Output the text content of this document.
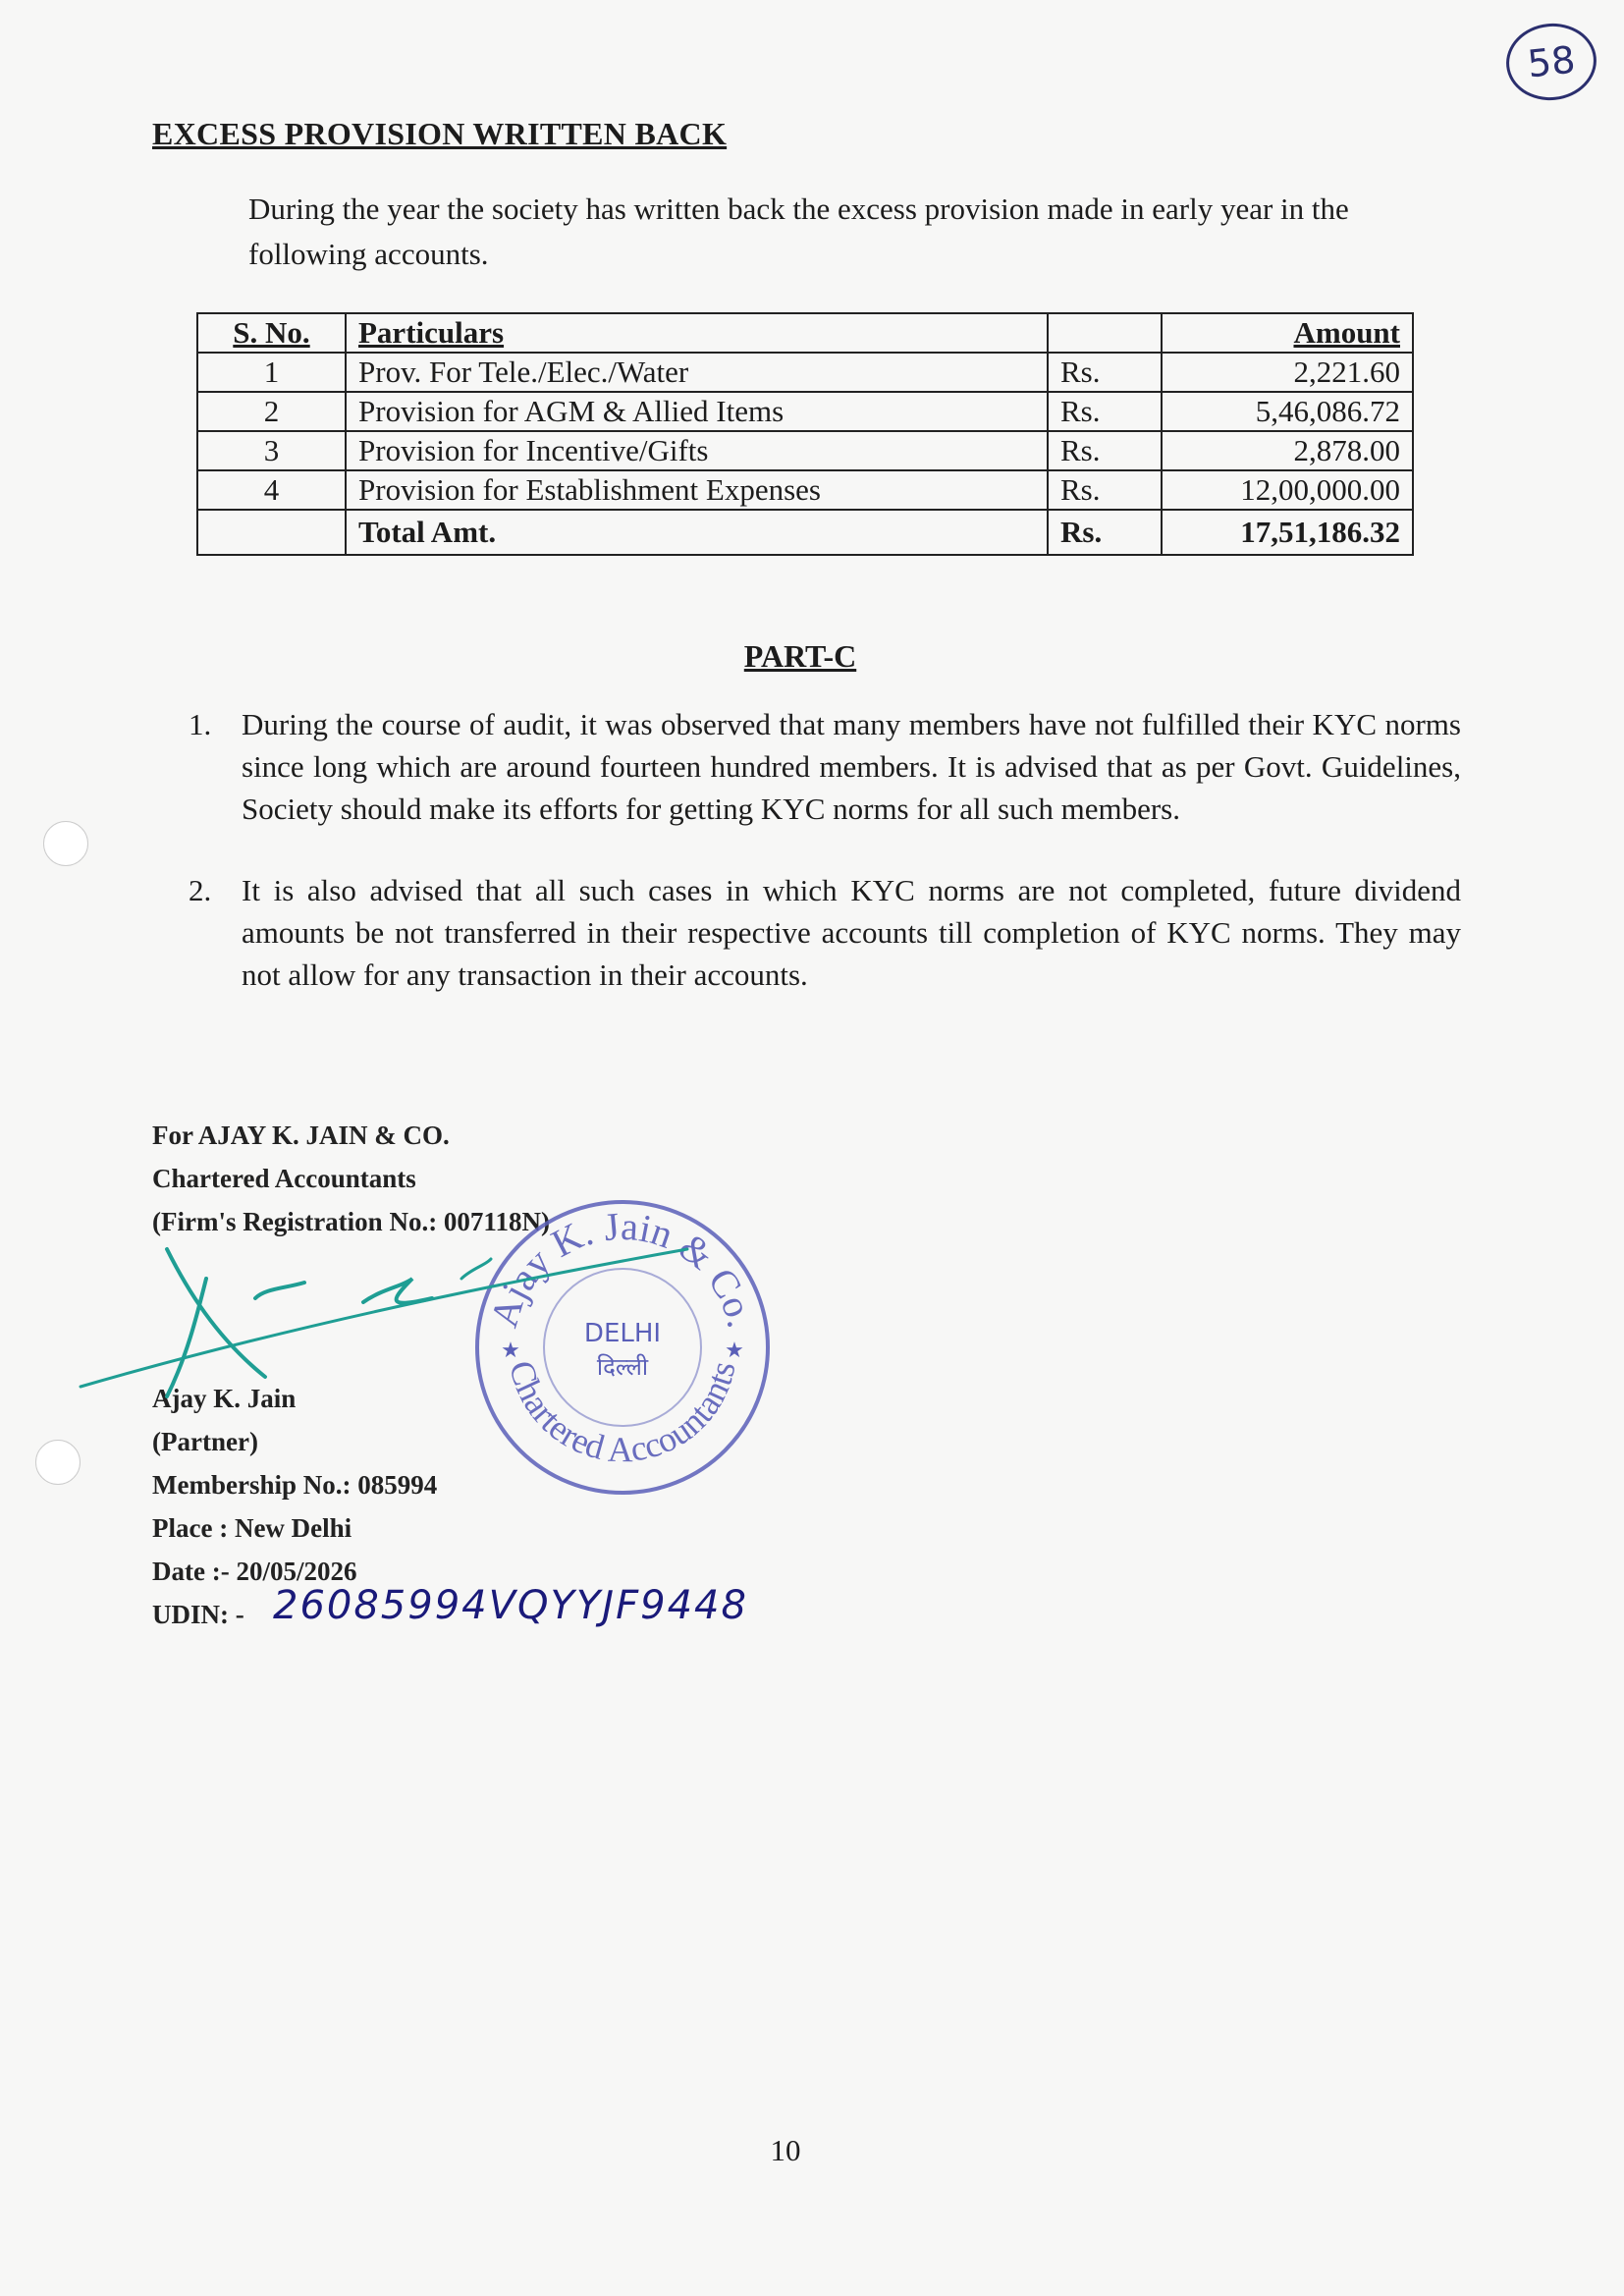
58
EXCESS PROVISION WRITTEN BACK
During the year the society has written back the excess provision made in early year in the following accounts.
S. No.	Particulars		Amount
1	Prov. For Tele./Elec./Water	Rs.	2,221.60
2	Provision for AGM & Allied Items	Rs.	5,46,086.72
3	Provision for Incentive/Gifts	Rs.	2,878.00
4	Provision for Establishment Expenses	Rs.	12,00,000.00
	Total Amt.	Rs.	17,51,186.32
PART-C
1. During the course of audit, it was observed that many members have not fulfilled their KYC norms since long which are around fourteen hundred members. It is advised that as per Govt. Guidelines, Society should make its efforts for getting KYC norms for all such members.
2. It is also advised that all such cases in which KYC norms are not completed, future dividend amounts be not transferred in their respective accounts till completion of KYC norms. They may not allow for any transaction in their accounts.
For AJAY K. JAIN & CO.
Chartered Accountants
(Firm's Registration No.: 007118N)
Ajay K. Jain
(Partner)
Membership No.: 085994
Place : New Delhi
Date :- 20/05/2026
UDIN: - 26085994VQYYJF9448
Ajay K. Jain & Co.
Chartered Accountants
DELHI
दिल्ली
★	★
10
